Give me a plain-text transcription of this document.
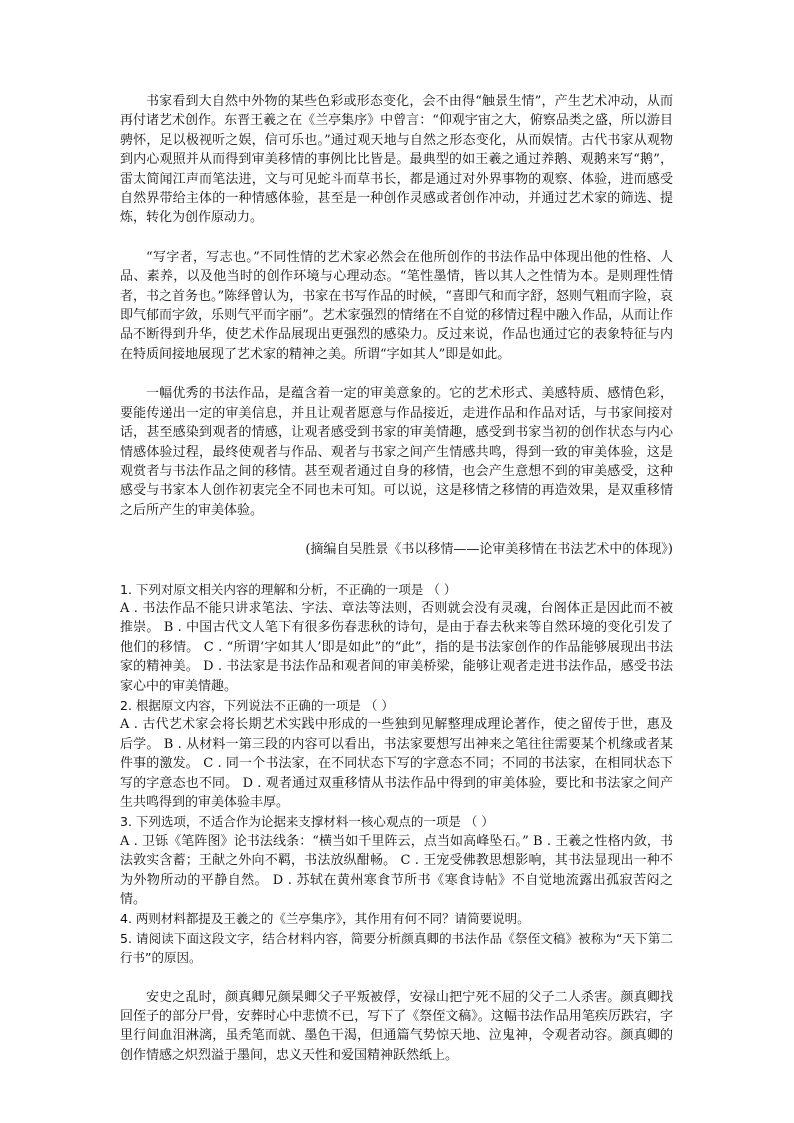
书家看到大自然中外物的某些色彩或形态变化，会不由得“触景生情”，产生艺术冲动，从而再付诸艺术创作。东晋王羲之在《兰亭集序》中曾言：“仰观宇宙之大，俯察品类之盛，所以游目骋怀，足以极视听之娱，信可乐也。”通过观天地与自然之形态变化，从而娱情。古代书家从观物到内心观照并从而得到审美移情的事例比比皆是。最典型的如王羲之通过养鹅、观鹅来写“鹅”，雷太简闻江声而笔法进，文与可见蛇斗而草书长，都是通过对外界事物的观察、体验，进而感受自然界带给主体的一种情感体验，甚至是一种创作灵感或者创作冲动，并通过艺术家的筛选、提炼，转化为创作原动力。

“写字者，写志也。”不同性情的艺术家必然会在他所创作的书法作品中体现出他的性格、人品、素养，以及他当时的创作环境与心理动态。“笔性墨情，皆以其人之性情为本。是则理性情者，书之首务也。”陈绎曾认为，书家在书写作品的时候，“喜即气和而字舒，怒则气粗而字险，哀即气郁而字敛，乐则气平而字丽”。艺术家强烈的情绪在不自觉的移情过程中融入作品，从而让作品不断得到升华，使艺术作品展现出更强烈的感染力。反过来说，作品也通过它的表象特征与内在特质间接地展现了艺术家的精神之美。所谓“字如其人”即是如此。

一幅优秀的书法作品，是蕴含着一定的审美意象的。它的艺术形式、美感特质、感情色彩，要能传递出一定的审美信息，并且让观者愿意与作品接近，走进作品和作品对话，与书家间接对话，甚至感染到观者的情感，让观者感受到书家的审美情趣，感受到书家当初的创作状态与内心情感体验过程，最终使观者与作品、观者与书家之间产生情感共鸣，得到一致的审美体验，这是观赏者与书法作品之间的移情。甚至观者通过自身的移情，也会产生意想不到的审美感受，这种感受与书家本人创作初衷完全不同也未可知。可以说，这是移情之移情的再造效果，是双重移情之后所产生的审美体验。

(摘编自吴胜景《书以移情——论审美移情在书法艺术中的体现》)

1. 下列对原文相关内容的理解和分析，不正确的一项是 （ ）

A . 书法作品不能只讲求笔法、字法、章法等法则，否则就会没有灵魂，台阁体正是因此而不被推崇。 B . 中国古代文人笔下有很多伤春悲秋的诗句，是由于春去秋来等自然环境的变化引发了他们的移情。 C . “所谓‘字如其人’即是如此”的“此”，指的是书法家创作的作品能够展现出书法家的精神美。 D . 书法家是书法作品和观者间的审美桥梁，能够让观者走进书法作品，感受书法家心中的审美情趣。

2. 根据原文内容，下列说法不正确的一项是 （ ）

A . 古代艺术家会将长期艺术实践中形成的一些独到见解整理成理论著作，使之留传于世，惠及后学。 B . 从材料一第三段的内容可以看出，书法家要想写出神来之笔往往需要某个机缘或者某件事的激发。 C . 同一个书法家，在不同状态下写的字意态不同；不同的书法家，在相同状态下写的字意态也不同。 D . 观者通过双重移情从书法作品中得到的审美体验，要比和书法家之间产生共鸣得到的审美体验丰厚。

3. 下列选项，不适合作为论据来支撑材料一核心观点的一项是 （ ）

A . 卫铄《笔阵图》论书法线条：“横当如千里阵云，点当如高峰坠石。” B . 王羲之性格内敛，书法敦实含蓄；王献之外向不羁，书法放纵酣畅。 C . 王宠受佛教思想影响，其书法显现出一种不为外物所动的平静自然。 D . 苏轼在黄州寒食节所书《寒食诗帖》不自觉地流露出孤寂苦闷之情。

4. 两则材料都提及王羲之的《兰亭集序》，其作用有何不同？请简要说明。

5. 请阅读下面这段文字，结合材料内容，简要分析颜真卿的书法作品《祭侄文稿》被称为“天下第二行书”的原因。

安史之乱时，颜真卿兄颜杲卿父子平叛被俘，安禄山把宁死不屈的父子二人杀害。颜真卿找回侄子的部分尸骨，安葬时心中悲愤不已，写下了《祭侄文稿》。这幅书法作品用笔疾厉跌宕，字里行间血泪淋漓，虽秃笔而就、墨色干渴，但通篇气势惊天地、泣鬼神，令观者动容。颜真卿的创作情感之炽烈溢于墨间，忠义天性和爱国精神跃然纸上。
